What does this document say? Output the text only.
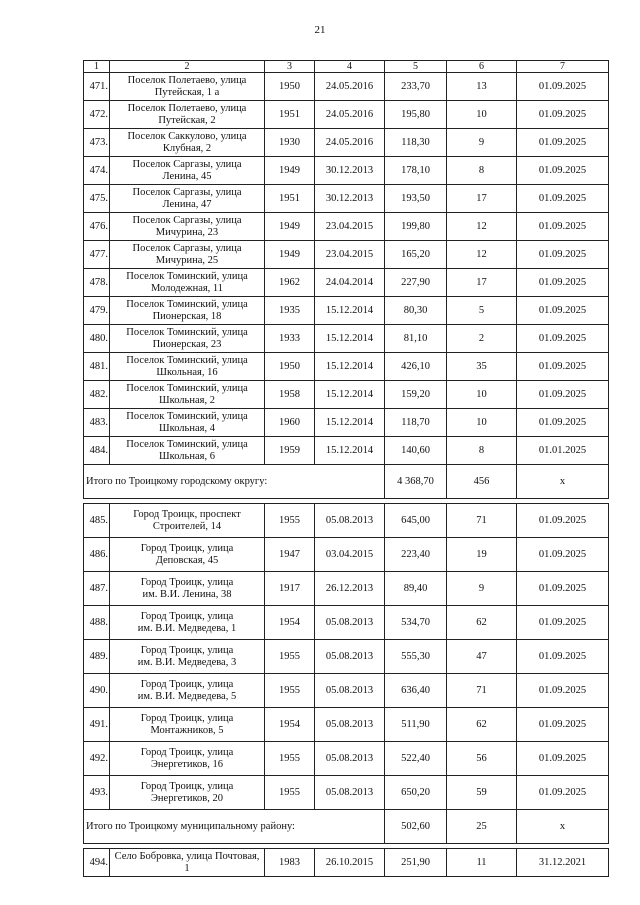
21
1	2	3	4	5	6	7
471.	Поселок Полетаево, улица
Путейская, 1 а	1950	24.05.2016	233,70	13	01.09.2025
472.	Поселок Полетаево, улица
Путейская, 2	1951	24.05.2016	195,80	10	01.09.2025
473.	Поселок Саккулово, улица
Клубная, 2	1930	24.05.2016	118,30	9	01.09.2025
474.	Поселок Саргазы, улица
Ленина, 45	1949	30.12.2013	178,10	8	01.09.2025
475.	Поселок Саргазы, улица
Ленина, 47	1951	30.12.2013	193,50	17	01.09.2025
476.	Поселок Саргазы, улица
Мичурина, 23	1949	23.04.2015	199,80	12	01.09.2025
477.	Поселок Саргазы, улица
Мичурина, 25	1949	23.04.2015	165,20	12	01.09.2025
478.	Поселок Томинский, улица
Молодежная, 11	1962	24.04.2014	227,90	17	01.09.2025
479.	Поселок Томинский, улица
Пионерская, 18	1935	15.12.2014	80,30	5	01.09.2025
480.	Поселок Томинский, улица
Пионерская, 23	1933	15.12.2014	81,10	2	01.09.2025
481.	Поселок Томинский, улица
Школьная, 16	1950	15.12.2014	426,10	35	01.09.2025
482.	Поселок Томинский, улица
Школьная, 2	1958	15.12.2014	159,20	10	01.09.2025
483.	Поселок Томинский, улица
Школьная, 4	1960	15.12.2014	118,70	10	01.09.2025
484.	Поселок Томинский, улица
Школьная, 6	1959	15.12.2014	140,60	8	01.01.2025
Итого по Троицкому городскому округу:				4 368,70	456	x

485.	Город Троицк, проспект
Строителей, 14	1955	05.08.2013	645,00	71	01.09.2025
486.	Город Троицк, улица
Деповская, 45	1947	03.04.2015	223,40	19	01.09.2025
487.	Город Троицк, улица
им. В.И. Ленина, 38	1917	26.12.2013	89,40	9	01.09.2025
488.	Город Троицк, улица
им. В.И. Медведева, 1	1954	05.08.2013	534,70	62	01.09.2025
489.	Город Троицк, улица
им. В.И. Медведева, 3	1955	05.08.2013	555,30	47	01.09.2025
490.	Город Троицк, улица
им. В.И. Медведева, 5	1955	05.08.2013	636,40	71	01.09.2025
491.	Город Троицк, улица
Монтажников, 5	1954	05.08.2013	511,90	62	01.09.2025
492.	Город Троицк, улица
Энергетиков, 16	1955	05.08.2013	522,40	56	01.09.2025
493.	Город Троицк, улица
Энергетиков, 20	1955	05.08.2013	650,20	59	01.09.2025
Итого по Троицкому муниципальному району:				502,60	25	x

494.	Село Бобровка, улица Почтовая,
1	1983	26.10.2015	251,90	11	31.12.2021
